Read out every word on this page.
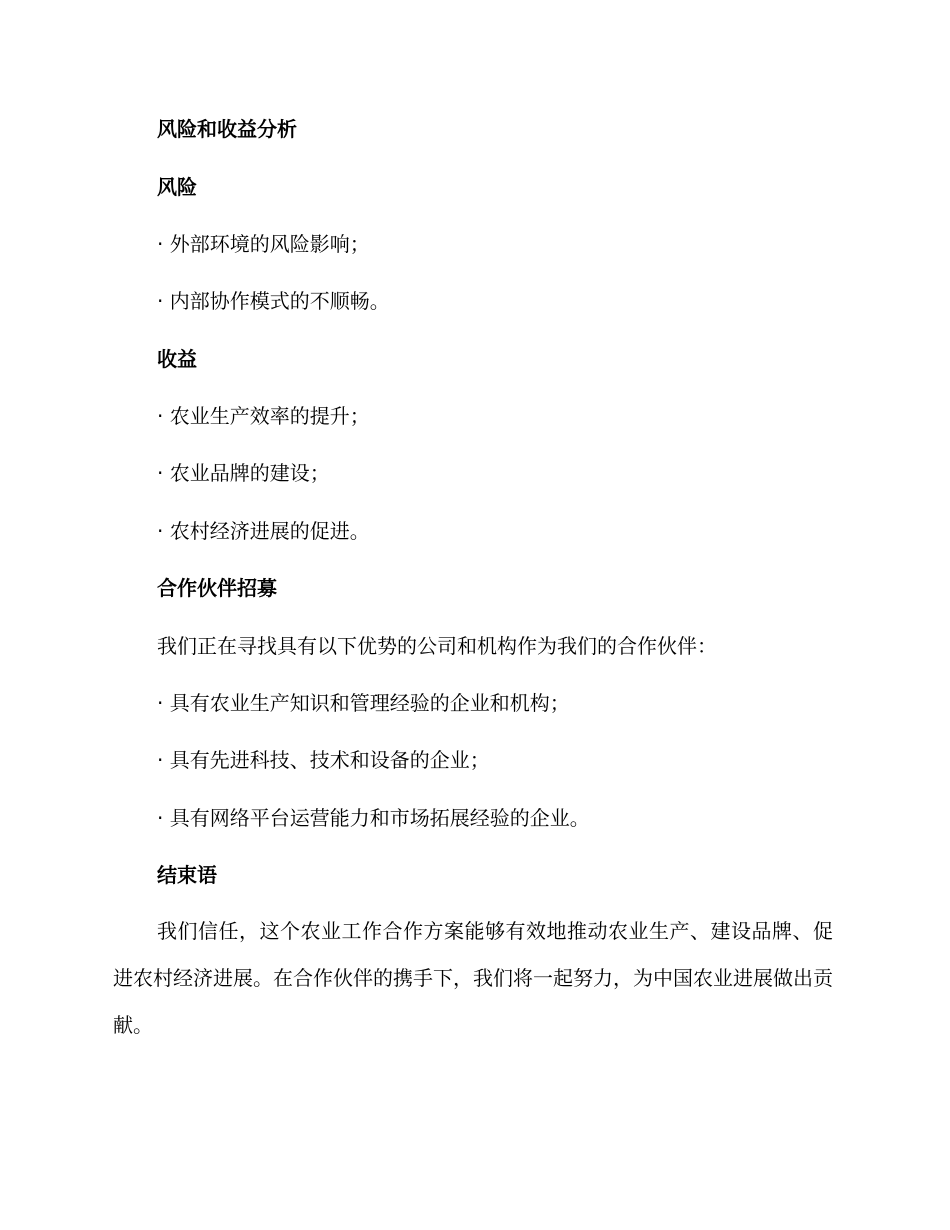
风险和收益分析
风险

· 外部环境的风险影响；

· 内部协作模式的不顺畅。

收益

· 农业生产效率的提升；

· 农业品牌的建设；

· 农村经济进展的促进。

合作伙伴招募

我们正在寻找具有以下优势的公司和机构作为我们的合作伙伴：

· 具有农业生产知识和管理经验的企业和机构；

· 具有先进科技、技术和设备的企业；

· 具有网络平台运营能力和市场拓展经验的企业。

结束语

我们信任，这个农业工作合作方案能够有效地推动农业生产、建设品牌、促进农村经济进展。在合作伙伴的携手下，我们将一起努力，为中国农业进展做出贡献。
